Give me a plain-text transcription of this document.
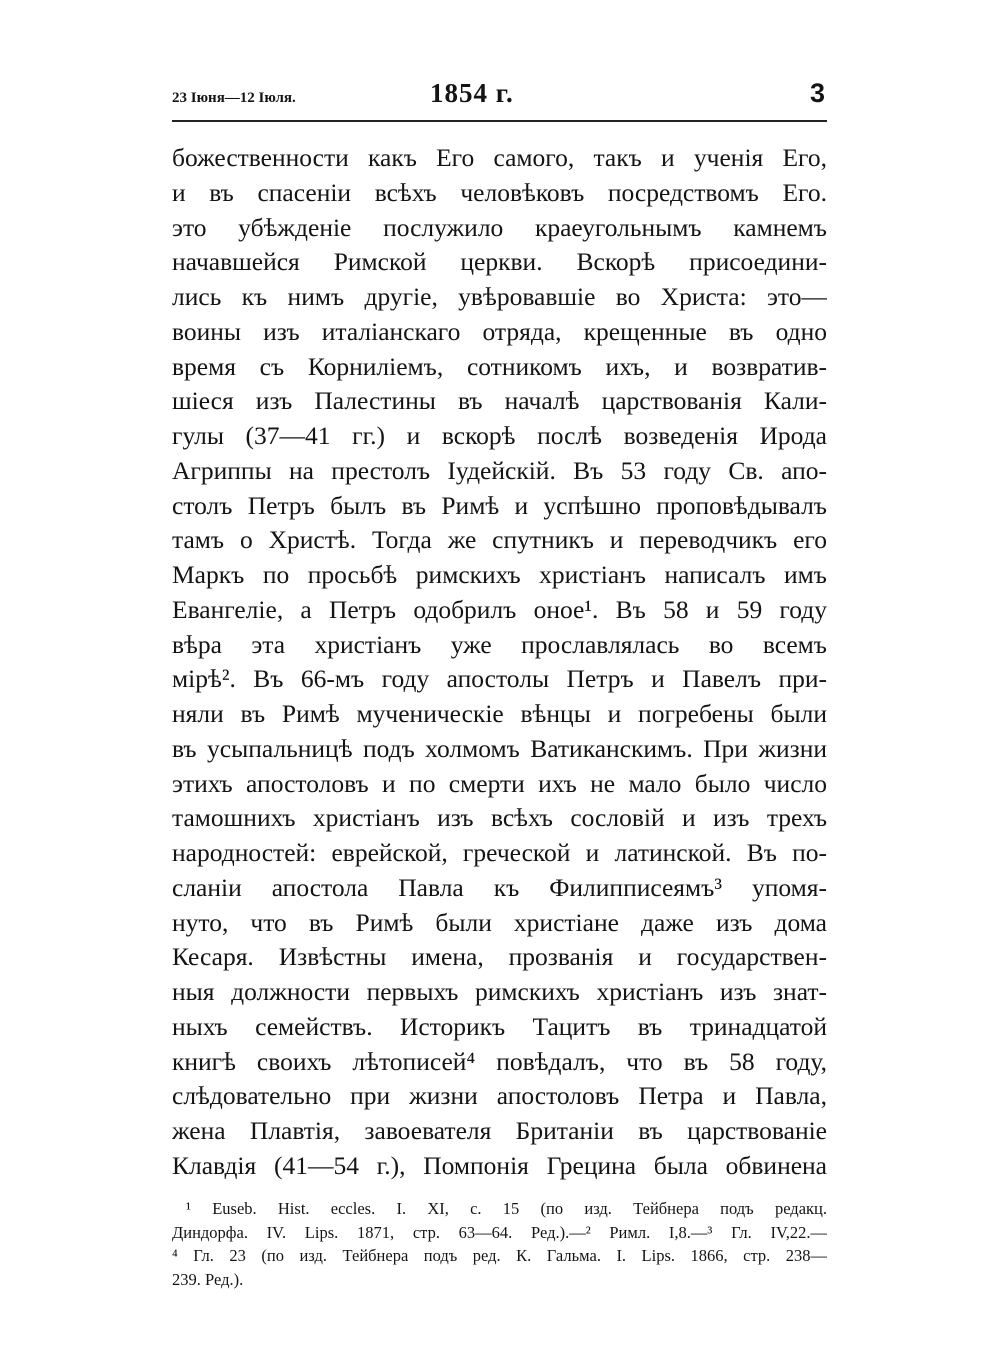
23 Іюня—12 Іюля.	1854 г.	3
божественности какъ Его самого, такъ и ученія Его,
и въ спасеніи всѣхъ человѣковъ посредствомъ Его.
это убѣжденіе послужило краеугольнымъ камнемъ
начавшейся Римской церкви. Вскорѣ присоедини-
лись къ нимъ другіе, увѣровавшіе во Христа: это—
воины изъ италіанскаго отряда, крещенные въ одно
время съ Корниліемъ, сотникомъ ихъ, и возвратив-
шіеся изъ Палестины въ началѣ царствованія Кали-
гулы (37—41 гг.) и вскорѣ послѣ возведенія Ирода
Агриппы на престолъ Іудейскій. Въ 53 году Св. апо-
столъ Петръ былъ въ Римѣ и успѣшно проповѣдывалъ
тамъ о Христѣ. Тогда же спутникъ и переводчикъ его
Маркъ по просьбѣ римскихъ христіанъ написалъ имъ
Евангеліе, а Петръ одобрилъ оное¹. Въ 58 и 59 году
вѣра эта христіанъ уже прославлялась во всемъ
мірѣ². Въ 66-мъ году апостолы Петръ и Павелъ при-
няли въ Римѣ мученическіе вѣнцы и погребены были
въ усыпальницѣ подъ холмомъ Ватиканскимъ. При жизни
этихъ апостоловъ и по смерти ихъ не мало было число
тамошнихъ христіанъ изъ всѣхъ сословій и изъ трехъ
народностей: еврейской, греческой и латинской. Въ по-
сланіи апостола Павла къ Филипписеямъ³ упомя-
нуто, что въ Римѣ были христіане даже изъ дома
Кесаря. Извѣстны имена, прозванія и государствен-
ныя должности первыхъ римскихъ христіанъ изъ знат-
ныхъ семействъ. Историкъ Тацитъ въ тринадцатой
книгѣ своихъ лѣтописей⁴ повѣдалъ, что въ 58 году,
слѣдовательно при жизни апостоловъ Петра и Павла,
жена Плавтія, завоевателя Британіи въ царствованіе
Клавдія (41—54 г.), Помпонія Грецина была обвинена
¹ Euseb. Hist. eccles. I. XI, c. 15 (по изд. Тейбнера подъ редакц.
Диндорфа. IV. Lips. 1871, стр. 63—64. Ред.).—² Римл. I,8.—³ Гл. IV,22.—
⁴ Гл. 23 (по изд. Тейбнера подъ ред. К. Гальма. I. Lips. 1866, стр. 238—
239. Ред.).
